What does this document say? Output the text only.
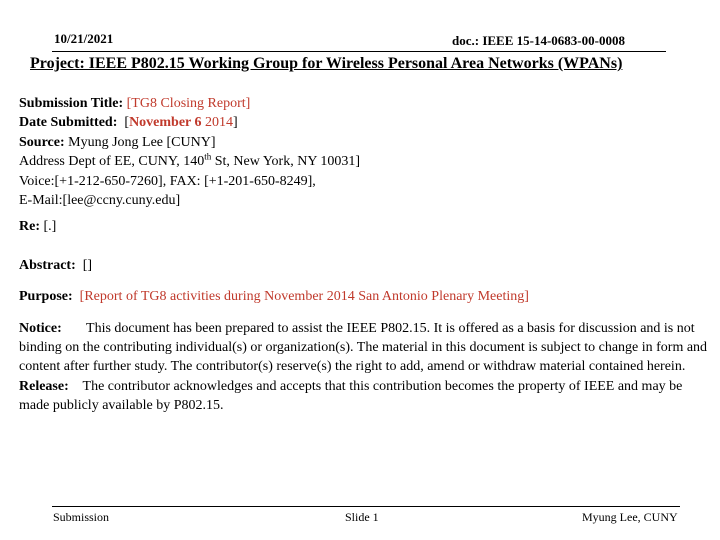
10/21/2021	doc.: IEEE 15-14-0683-00-0008
Project: IEEE P802.15 Working Group for Wireless Personal Area Networks (WPANs)
Submission Title: [TG8 Closing Report]
Date Submitted: [November 6 2014]
Source: Myung Jong Lee [CUNY]
Address Dept of EE, CUNY, 140th St, New York, NY 10031]
Voice:[+1-212-650-7260], FAX: [+1-201-650-8249],
E-Mail:[lee@ccny.cuny.edu]
Re: [.]
Abstract: []
Purpose: [Report of TG8 activities during November 2014 San Antonio Plenary Meeting]
Notice: This document has been prepared to assist the IEEE P802.15. It is offered as a basis for discussion and is not binding on the contributing individual(s) or organization(s). The material in this document is subject to change in form and content after further study. The contributor(s) reserve(s) the right to add, amend or withdraw material contained herein.
Release: The contributor acknowledges and accepts that this contribution becomes the property of IEEE and may be made publicly available by P802.15.
Submission	Slide 1	Myung Lee, CUNY
